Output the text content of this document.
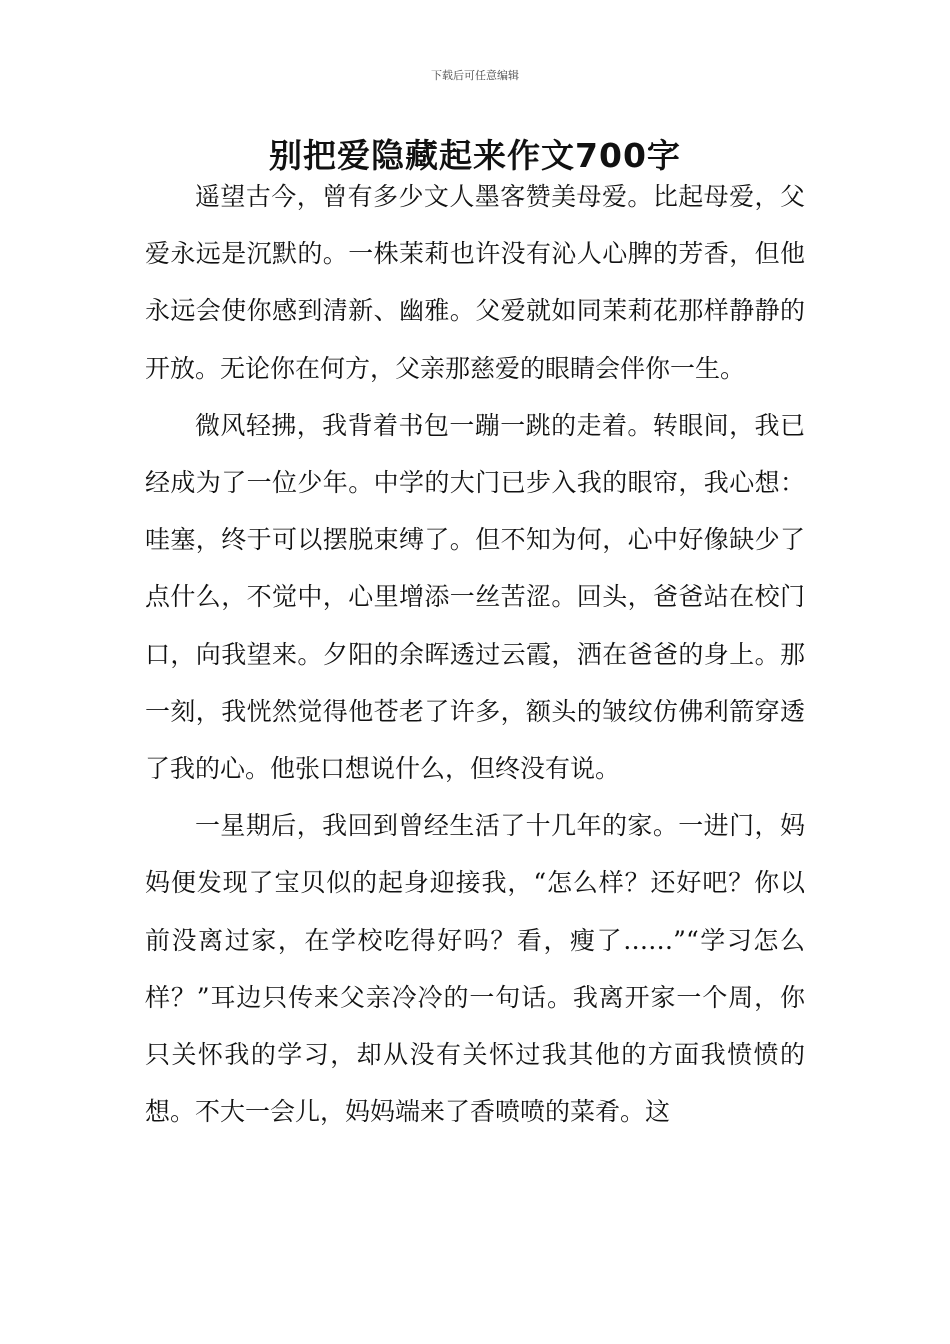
下载后可任意编辑
别把爱隐藏起来作文700字

遥望古今，曾有多少文人墨客赞美母爱。比起母爱，父爱永远是沉默的。一株茉莉也许没有沁人心脾的芳香，但他永远会使你感到清新、幽雅。父爱就如同茉莉花那样静静的开放。无论你在何方，父亲那慈爱的眼睛会伴你一生。

微风轻拂，我背着书包一蹦一跳的走着。转眼间，我已经成为了一位少年。中学的大门已步入我的眼帘，我心想：哇塞，终于可以摆脱束缚了。但不知为何，心中好像缺少了点什么，不觉中，心里增添一丝苦涩。回头，爸爸站在校门口，向我望来。夕阳的余晖透过云霞，洒在爸爸的身上。那一刻，我恍然觉得他苍老了许多，额头的皱纹仿佛利箭穿透了我的心。他张口想说什么，但终没有说。

一星期后，我回到曾经生活了十几年的家。一进门，妈妈便发现了宝贝似的起身迎接我，“怎么样？还好吧？你以前没离过家，在学校吃得好吗？看，瘦了……”“学习怎么样？”耳边只传来父亲冷冷的一句话。我离开家一个周，你只关怀我的学习，却从没有关怀过我其他的方面我愤愤的想。不大一会儿，妈妈端来了香喷喷的菜肴。这
